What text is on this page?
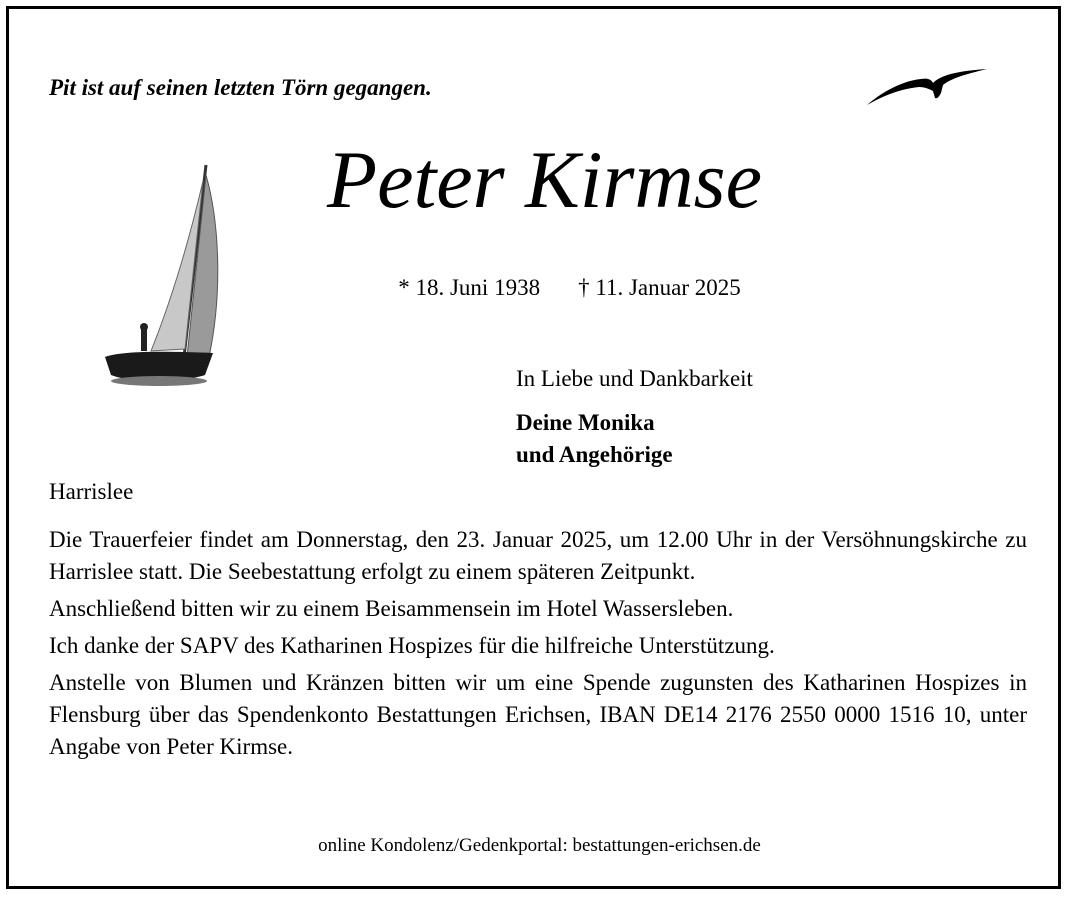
Pit ist auf seinen letzten Törn gegangen.
Peter Kirmse
* 18. Juni 1938 † 11. Januar 2025
In Liebe und Dankbarkeit
Deine Monika
und Angehörige
Harrislee

Die Trauerfeier findet am Donnerstag, den 23. Januar 2025, um 12.00 Uhr in der Versöhnungskirche zu Harrislee statt. Die Seebestattung erfolgt zu einem späteren Zeitpunkt.

Anschließend bitten wir zu einem Beisammensein im Hotel Wassersleben.

Ich danke der SAPV des Katharinen Hospizes für die hilfreiche Unterstützung.

Anstelle von Blumen und Kränzen bitten wir um eine Spende zugunsten des Katharinen Hospizes in Flensburg über das Spendenkonto Bestattungen Erichsen, IBAN DE14 2176 2550 0000 1516 10, unter Angabe von Peter Kirmse.

online Kondolenz/Gedenkportal: bestattungen-erichsen.de
